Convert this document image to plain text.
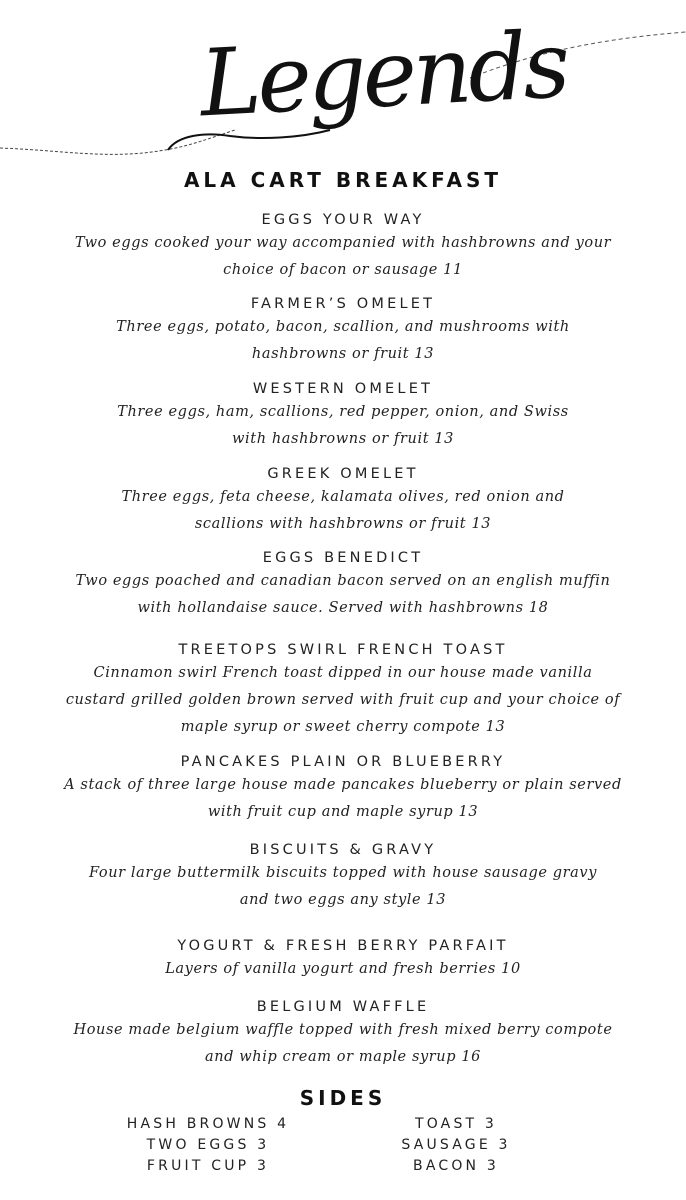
Legends
ALA CART BREAKFAST
EGGS YOUR WAY
Two eggs cooked your way accompanied with hashbrowns and your
choice of bacon or sausage 11
FARMER’S OMELET
Three eggs, potato, bacon, scallion, and mushrooms with
hashbrowns or fruit 13
WESTERN OMELET
Three eggs, ham, scallions, red pepper, onion, and Swiss
with hashbrowns or fruit 13
GREEK OMELET
Three eggs, feta cheese, kalamata olives, red onion and
scallions with hashbrowns or fruit 13
EGGS BENEDICT
Two eggs poached and canadian bacon served on an english muffin
with hollandaise sauce. Served with hashbrowns 18
TREETOPS SWIRL FRENCH TOAST
Cinnamon swirl French toast dipped in our house made vanilla
custard grilled golden brown served with fruit cup and your choice of
maple syrup or sweet cherry compote 13
PANCAKES PLAIN OR BLUEBERRY
A stack of three large house made pancakes blueberry or plain served
with fruit cup and maple syrup 13
BISCUITS & GRAVY
Four large buttermilk biscuits topped with house sausage gravy
and two eggs any style 13
YOGURT & FRESH BERRY PARFAIT
Layers of vanilla yogurt and fresh berries 10
BELGIUM WAFFLE
House made belgium waffle topped with fresh mixed berry compote
and whip cream or maple syrup 16
SIDES
HASH BROWNS 4
TWO EGGS 3
FRUIT CUP 3
TOAST 3
SAUSAGE 3
BACON 3
